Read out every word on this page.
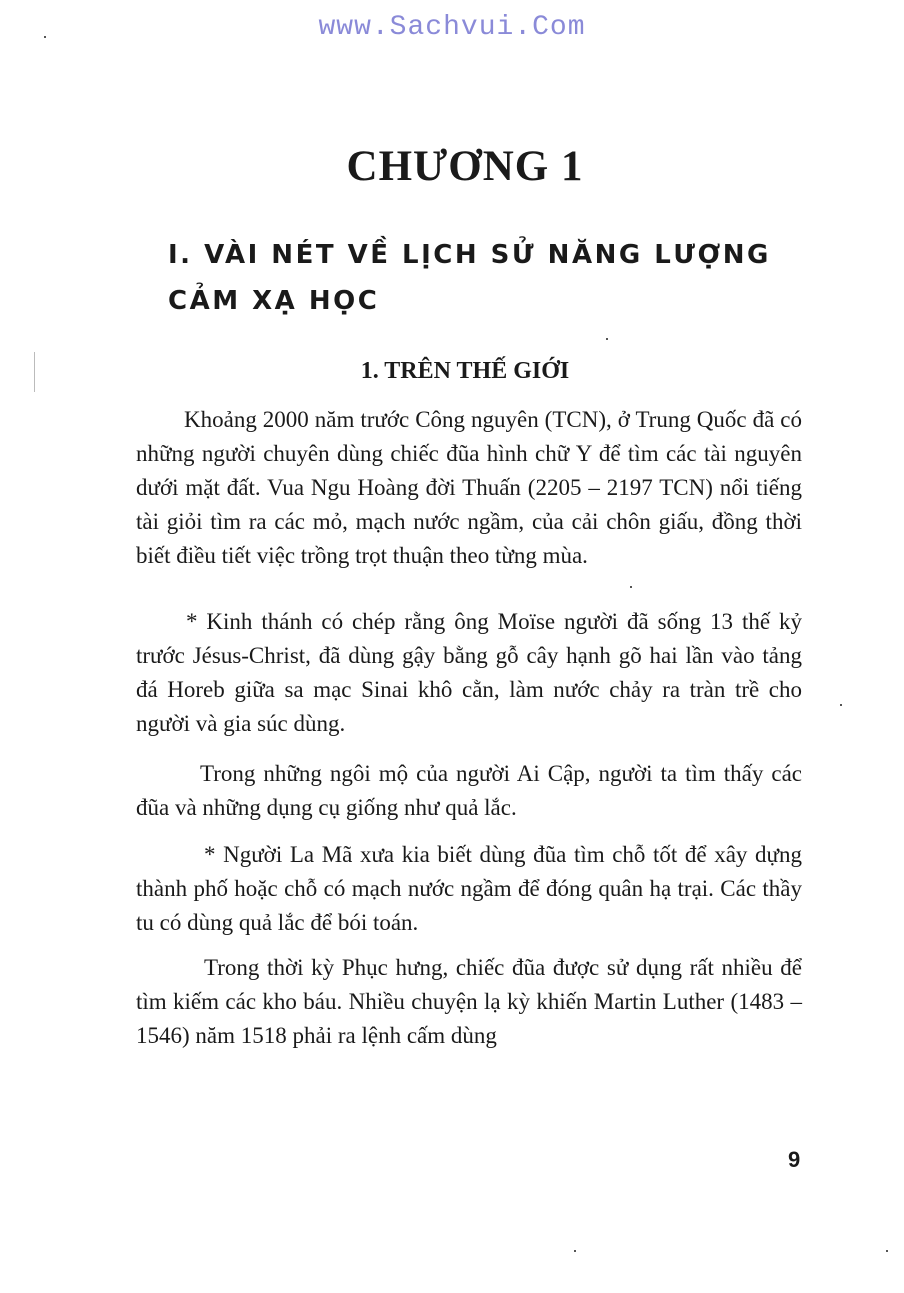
www.Sachvui.Com
CHƯƠNG 1
I. VÀI NÉT VỀ LỊCH SỬ NĂNG LƯỢNG CẢM XẠ HỌC
1. TRÊN THẾ GIỚI

Khoảng 2000 năm trước Công nguyên (TCN), ở Trung Quốc đã có những người chuyên dùng chiếc đũa hình chữ Y để tìm các tài nguyên dưới mặt đất. Vua Ngu Hoàng đời Thuấn (2205 – 2197 TCN) nổi tiếng tài giỏi tìm ra các mỏ, mạch nước ngầm, của cải chôn giấu, đồng thời biết điều tiết việc trồng trọt thuận theo từng mùa.

* Kinh thánh có chép rằng ông Moïse người đã sống 13 thế kỷ trước Jésus-Christ, đã dùng gậy bằng gỗ cây hạnh gõ hai lần vào tảng đá Horeb giữa sa mạc Sinai khô cằn, làm nước chảy ra tràn trề cho người và gia súc dùng.

Trong những ngôi mộ của người Ai Cập, người ta tìm thấy các đũa và những dụng cụ giống như quả lắc.

* Người La Mã xưa kia biết dùng đũa tìm chỗ tốt để xây dựng thành phố hoặc chỗ có mạch nước ngầm để đóng quân hạ trại. Các thầy tu có dùng quả lắc để bói toán.

Trong thời kỳ Phục hưng, chiếc đũa được sử dụng rất nhiều để tìm kiếm các kho báu. Nhiều chuyện lạ kỳ khiến Martin Luther (1483 – 1546) năm 1518 phải ra lệnh cấm dùng

9
